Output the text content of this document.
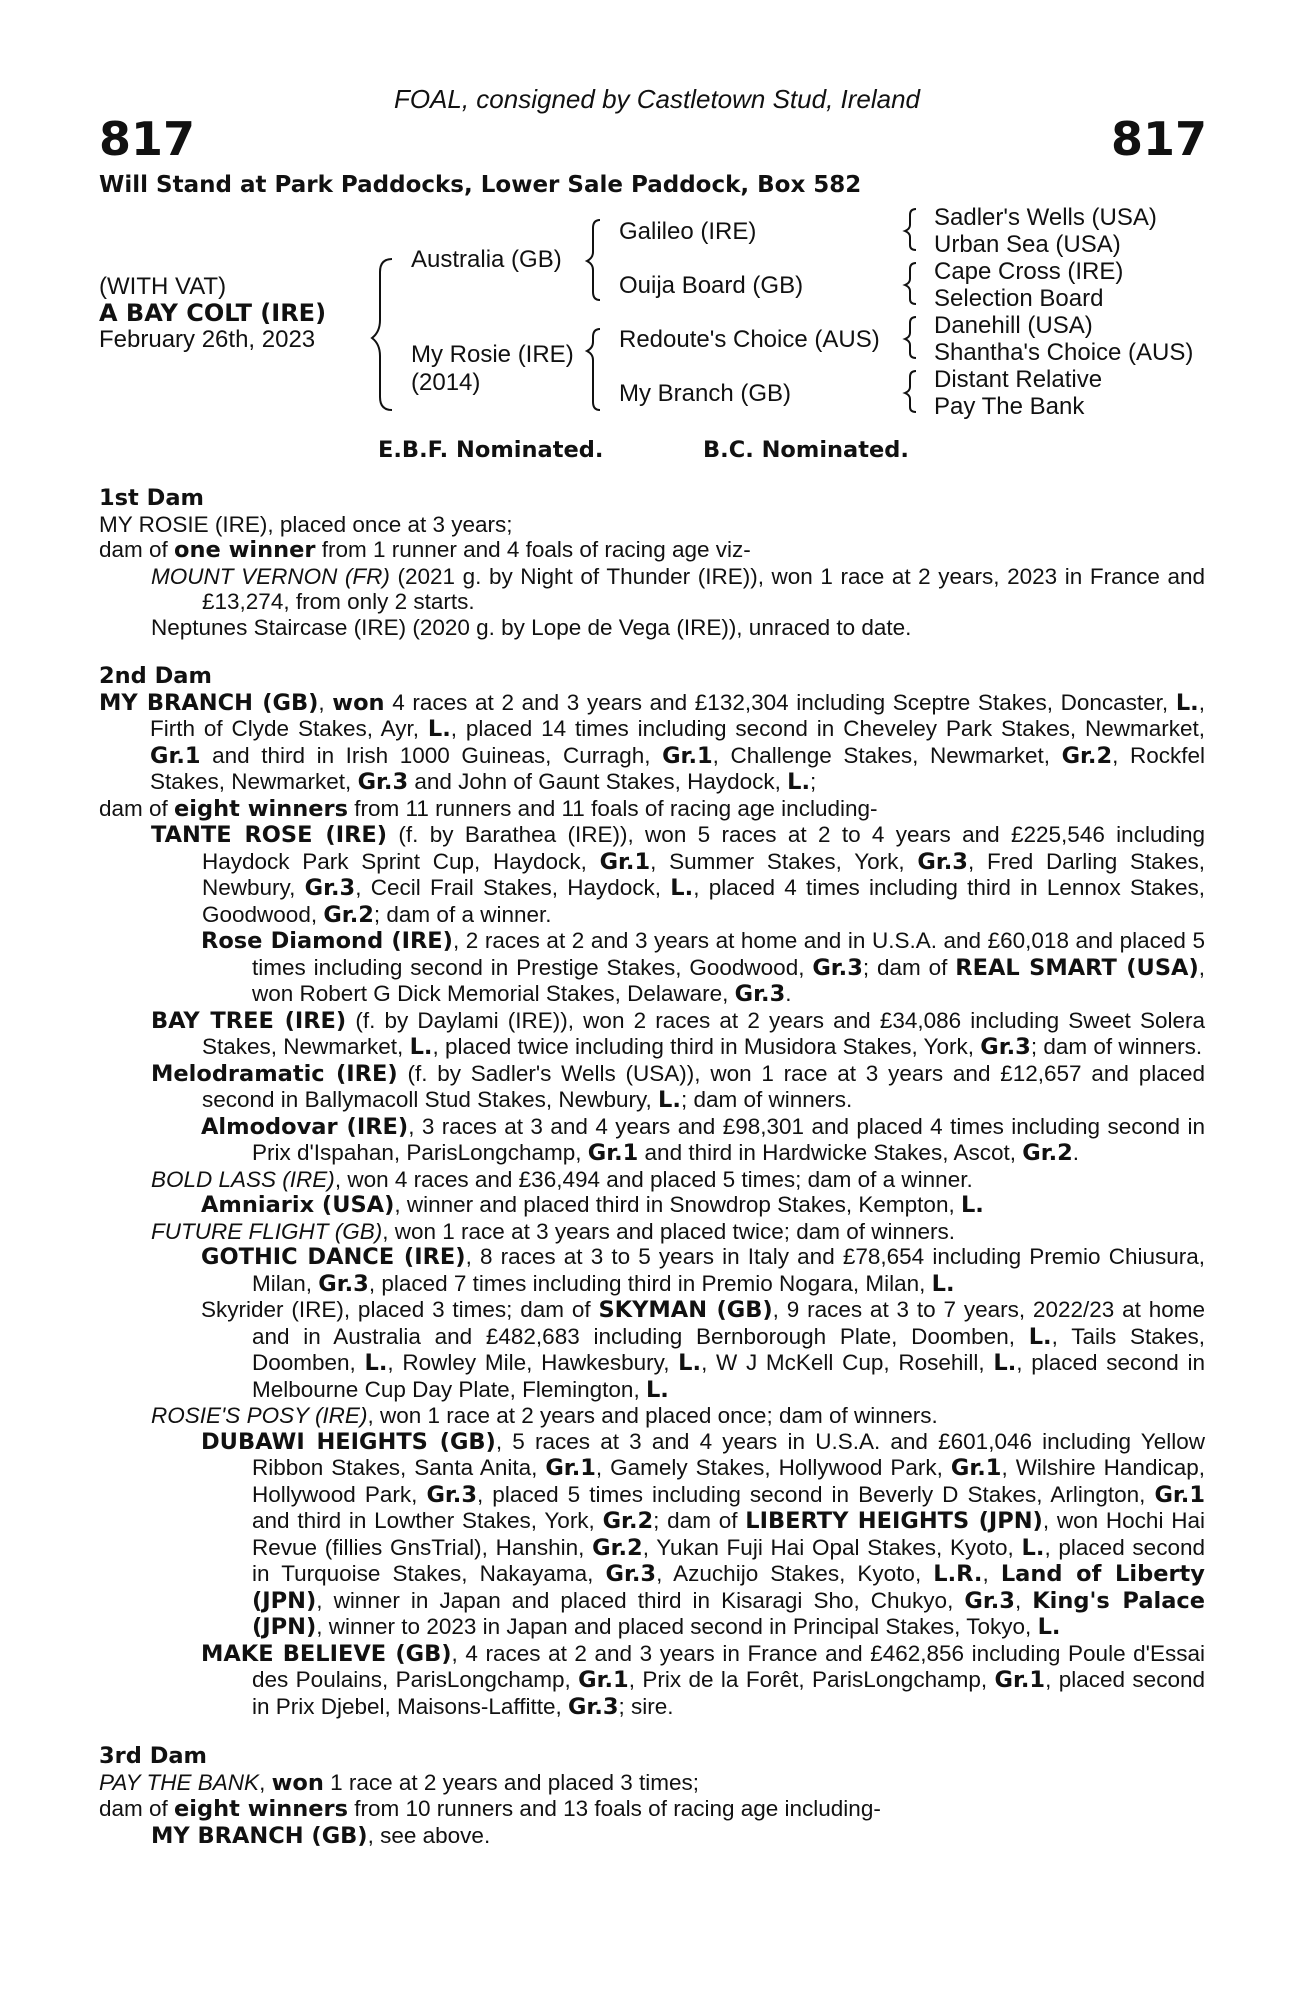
FOAL, consigned by Castletown Stud, Ireland
817	817
Will Stand at Park Paddocks, Lower Sale Paddock, Box 582
(WITH VAT)
A BAY COLT (IRE)
February 26th, 2023
Australia (GB)
My Rosie (IRE)
(2014)
Galileo (IRE)
Ouija Board (GB)
Redoute's Choice (AUS)
My Branch (GB)
Sadler's Wells (USA)
Urban Sea (USA)
Cape Cross (IRE)
Selection Board
Danehill (USA)
Shantha's Choice (AUS)
Distant Relative
Pay The Bank
E.B.F. Nominated.	B.C. Nominated.
1st Dam
MY ROSIE (IRE), placed once at 3 years;
dam of one winner from 1 runner and 4 foals of racing age viz-
MOUNT VERNON (FR) (2021 g. by Night of Thunder (IRE)), won 1 race at 2 years, 2023 in France and £13,274, from only 2 starts.
Neptunes Staircase (IRE) (2020 g. by Lope de Vega (IRE)), unraced to date.
2nd Dam
MY BRANCH (GB), won 4 races at 2 and 3 years and £132,304 including Sceptre Stakes, Doncaster, L., Firth of Clyde Stakes, Ayr, L., placed 14 times including second in Cheveley Park Stakes, Newmarket, Gr.1 and third in Irish 1000 Guineas, Curragh, Gr.1, Challenge Stakes, Newmarket, Gr.2, Rockfel Stakes, Newmarket, Gr.3 and John of Gaunt Stakes, Haydock, L.;
dam of eight winners from 11 runners and 11 foals of racing age including-
TANTE ROSE (IRE) (f. by Barathea (IRE)), won 5 races at 2 to 4 years and £225,546 including Haydock Park Sprint Cup, Haydock, Gr.1, Summer Stakes, York, Gr.3, Fred Darling Stakes, Newbury, Gr.3, Cecil Frail Stakes, Haydock, L., placed 4 times including third in Lennox Stakes, Goodwood, Gr.2; dam of a winner.
Rose Diamond (IRE), 2 races at 2 and 3 years at home and in U.S.A. and £60,018 and placed 5 times including second in Prestige Stakes, Goodwood, Gr.3; dam of REAL SMART (USA), won Robert G Dick Memorial Stakes, Delaware, Gr.3.
BAY TREE (IRE) (f. by Daylami (IRE)), won 2 races at 2 years and £34,086 including Sweet Solera Stakes, Newmarket, L., placed twice including third in Musidora Stakes, York, Gr.3; dam of winners.
Melodramatic (IRE) (f. by Sadler's Wells (USA)), won 1 race at 3 years and £12,657 and placed second in Ballymacoll Stud Stakes, Newbury, L.; dam of winners.
Almodovar (IRE), 3 races at 3 and 4 years and £98,301 and placed 4 times including second in Prix d'Ispahan, ParisLongchamp, Gr.1 and third in Hardwicke Stakes, Ascot, Gr.2.
BOLD LASS (IRE), won 4 races and £36,494 and placed 5 times; dam of a winner.
Amniarix (USA), winner and placed third in Snowdrop Stakes, Kempton, L.
FUTURE FLIGHT (GB), won 1 race at 3 years and placed twice; dam of winners.
GOTHIC DANCE (IRE), 8 races at 3 to 5 years in Italy and £78,654 including Premio Chiusura, Milan, Gr.3, placed 7 times including third in Premio Nogara, Milan, L.
Skyrider (IRE), placed 3 times; dam of SKYMAN (GB), 9 races at 3 to 7 years, 2022/23 at home and in Australia and £482,683 including Bernborough Plate, Doomben, L., Tails Stakes, Doomben, L., Rowley Mile, Hawkesbury, L., W J McKell Cup, Rosehill, L., placed second in Melbourne Cup Day Plate, Flemington, L.
ROSIE'S POSY (IRE), won 1 race at 2 years and placed once; dam of winners.
DUBAWI HEIGHTS (GB), 5 races at 3 and 4 years in U.S.A. and £601,046 including Yellow Ribbon Stakes, Santa Anita, Gr.1, Gamely Stakes, Hollywood Park, Gr.1, Wilshire Handicap, Hollywood Park, Gr.3, placed 5 times including second in Beverly D Stakes, Arlington, Gr.1 and third in Lowther Stakes, York, Gr.2; dam of LIBERTY HEIGHTS (JPN), won Hochi Hai Revue (fillies GnsTrial), Hanshin, Gr.2, Yukan Fuji Hai Opal Stakes, Kyoto, L., placed second in Turquoise Stakes, Nakayama, Gr.3, Azuchijo Stakes, Kyoto, L.R., Land of Liberty (JPN), winner in Japan and placed third in Kisaragi Sho, Chukyo, Gr.3, King's Palace (JPN), winner to 2023 in Japan and placed second in Principal Stakes, Tokyo, L.
MAKE BELIEVE (GB), 4 races at 2 and 3 years in France and £462,856 including Poule d'Essai des Poulains, ParisLongchamp, Gr.1, Prix de la Forêt, ParisLongchamp, Gr.1, placed second in Prix Djebel, Maisons-Laffitte, Gr.3; sire.
3rd Dam
PAY THE BANK, won 1 race at 2 years and placed 3 times;
dam of eight winners from 10 runners and 13 foals of racing age including-
MY BRANCH (GB), see above.
